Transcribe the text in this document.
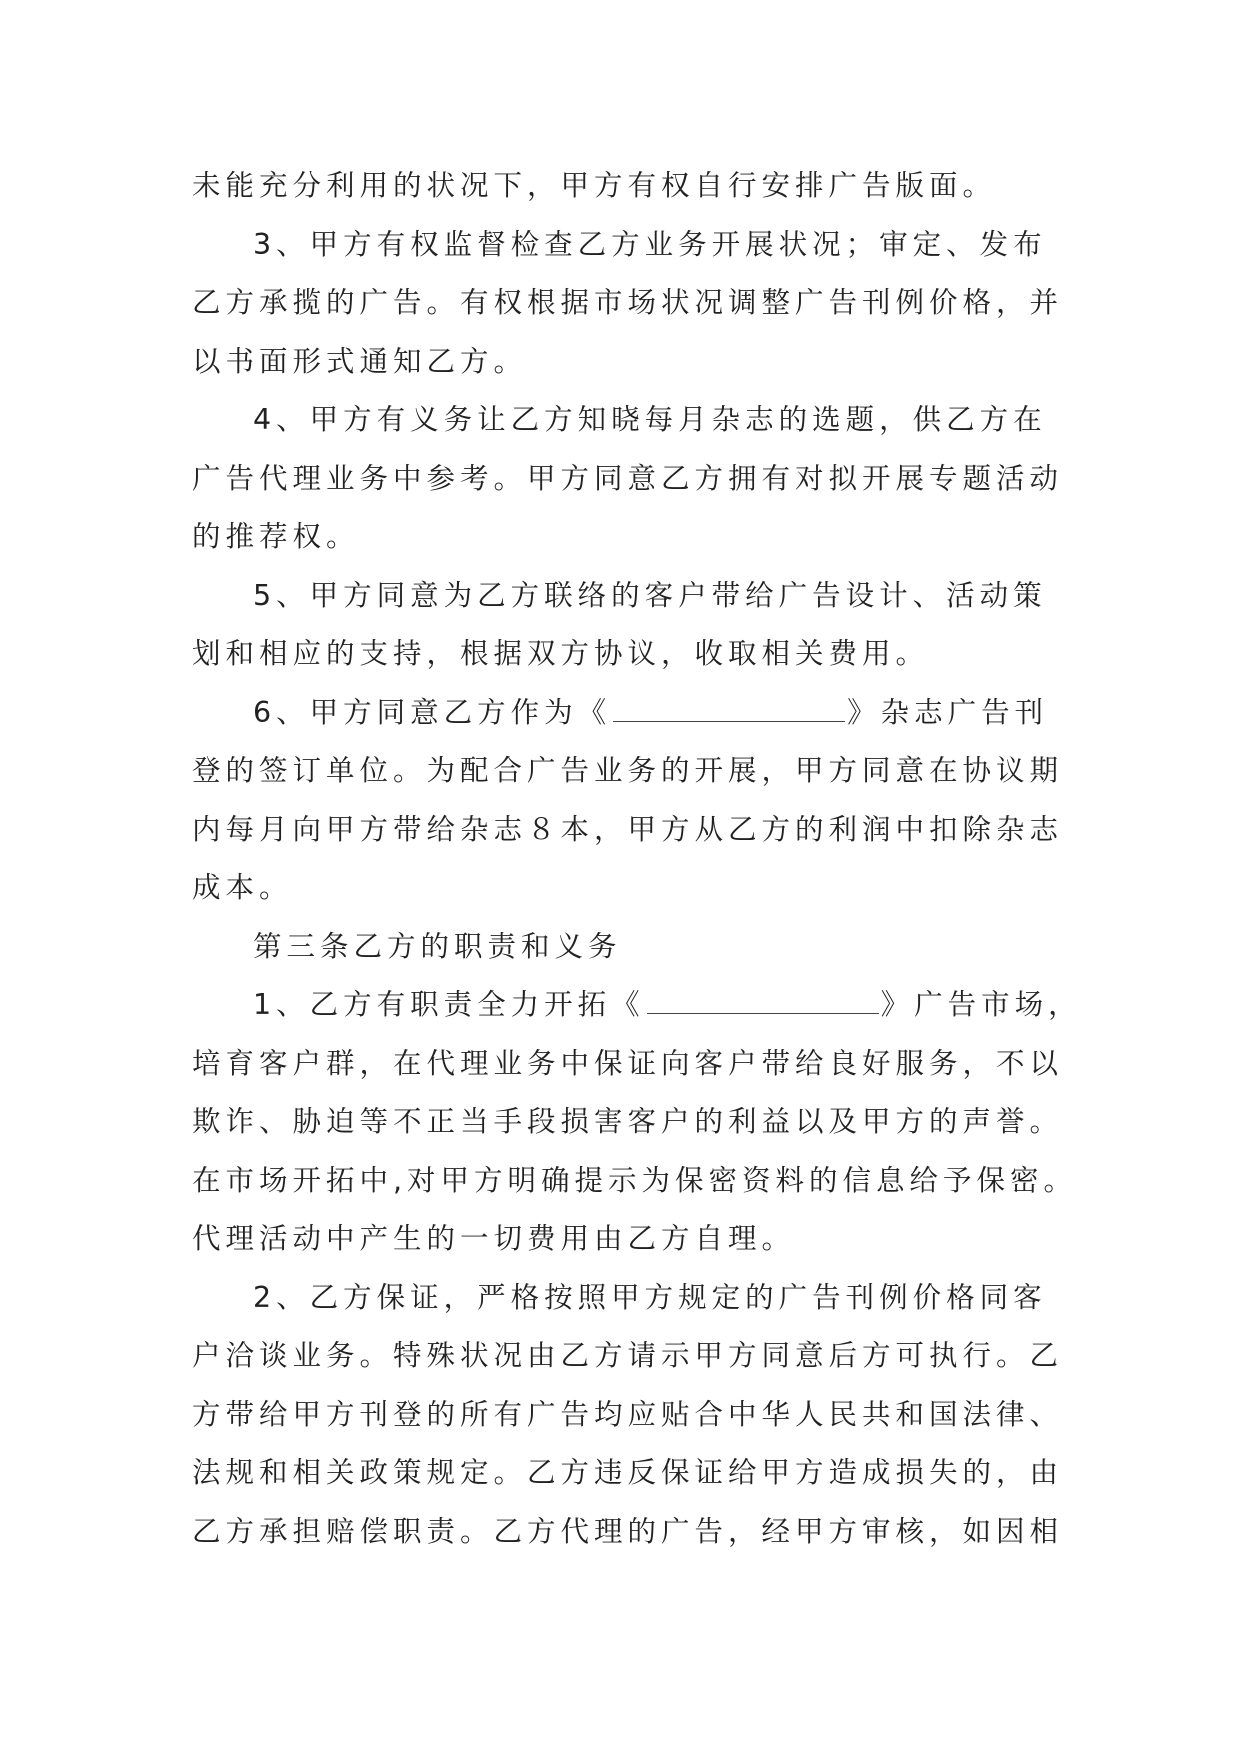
未能充分利用的状况下，甲方有权自行安排广告版面。
3、甲方有权监督检查乙方业务开展状况；审定、发布
乙方承揽的广告。有权根据市场状况调整广告刊例价格，并
以书面形式通知乙方。
4、甲方有义务让乙方知晓每月杂志的选题，供乙方在
广告代理业务中参考。甲方同意乙方拥有对拟开展专题活动
的推荐权。
5、甲方同意为乙方联络的客户带给广告设计、活动策
划和相应的支持，根据双方协议，收取相关费用。
6、甲方同意乙方作为《	》杂志广告刊
登的签订单位。为配合广告业务的开展，甲方同意在协议期
内每月向甲方带给杂志８本，甲方从乙方的利润中扣除杂志
成本。
第三条乙方的职责和义务
1、乙方有职责全力开拓《	》广告市场，
培育客户群，在代理业务中保证向客户带给良好服务，不以
欺诈、胁迫等不正当手段损害客户的利益以及甲方的声誉。
在市场开拓中,对甲方明确提示为保密资料的信息给予保密。
代理活动中产生的一切费用由乙方自理。
2、乙方保证，严格按照甲方规定的广告刊例价格同客
户洽谈业务。特殊状况由乙方请示甲方同意后方可执行。乙
方带给甲方刊登的所有广告均应贴合中华人民共和国法律、
法规和相关政策规定。乙方违反保证给甲方造成损失的，由
乙方承担赔偿职责。乙方代理的广告，经甲方审核，如因相
